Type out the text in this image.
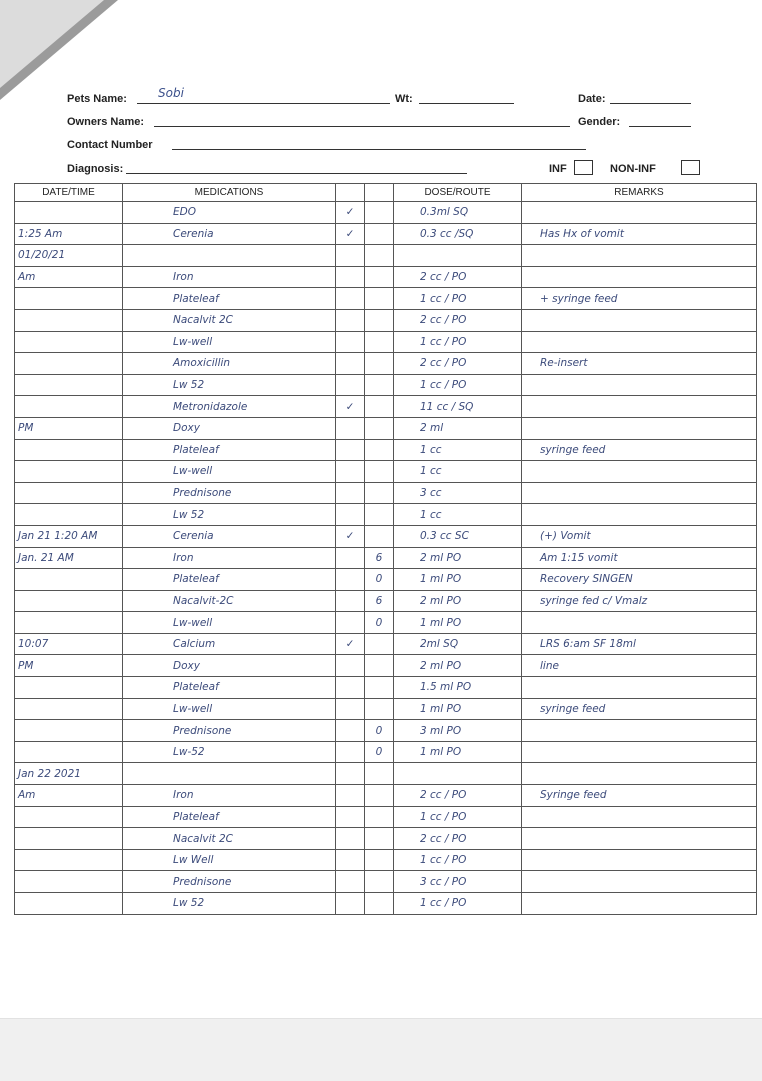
Pets Name:	Sobi	Wt:	Date:
Owners Name:	Gender:
Contact Number
Diagnosis:	INF	NON-INF
DATE/TIME	MEDICATIONS			DOSE/ROUTE	REMARKS
	EDO	✓		0.3ml SQ	
1:25 Am	Cerenia	✓		0.3 cc /SQ	Has Hx of vomit
01/20/21					
Am	Iron			2 cc / PO	
	Plateleaf			1 cc / PO	+ syringe feed
	Nacalvit 2C			2 cc / PO	
	Lw-well			1 cc / PO	
	Amoxicillin			2 cc / PO	Re-insert
	Lw 52			1 cc / PO	
	Metronidazole	✓		11 cc / SQ	
PM	Doxy			2 ml	
	Plateleaf			1 cc	syringe feed
	Lw-well			1 cc	
	Prednisone			3 cc	
	Lw 52			1 cc	
Jan 21 1:20 AM	Cerenia	✓		0.3 cc SC	(+) Vomit
Jan. 21 AM	Iron		6	2 ml PO	Am 1:15 vomit
	Plateleaf		0	1 ml PO	Recovery SINGEN
	Nacalvit-2C		6	2 ml PO	syringe fed c/ Vmalz
	Lw-well		0	1 ml PO	
10:07	Calcium	✓		2ml SQ	LRS 6:am SF 18ml
PM	Doxy			2 ml PO	line
	Plateleaf			1.5 ml PO	
	Lw-well			1 ml PO	syringe feed
	Prednisone		0	3 ml PO	
	Lw-52		0	1 ml PO	
Jan 22 2021					
Am	Iron			2 cc / PO	Syringe feed
	Plateleaf			1 cc / PO	
	Nacalvit 2C			2 cc / PO	
	Lw Well			1 cc / PO	
	Prednisone			3 cc / PO	
	Lw 52			1 cc / PO	
